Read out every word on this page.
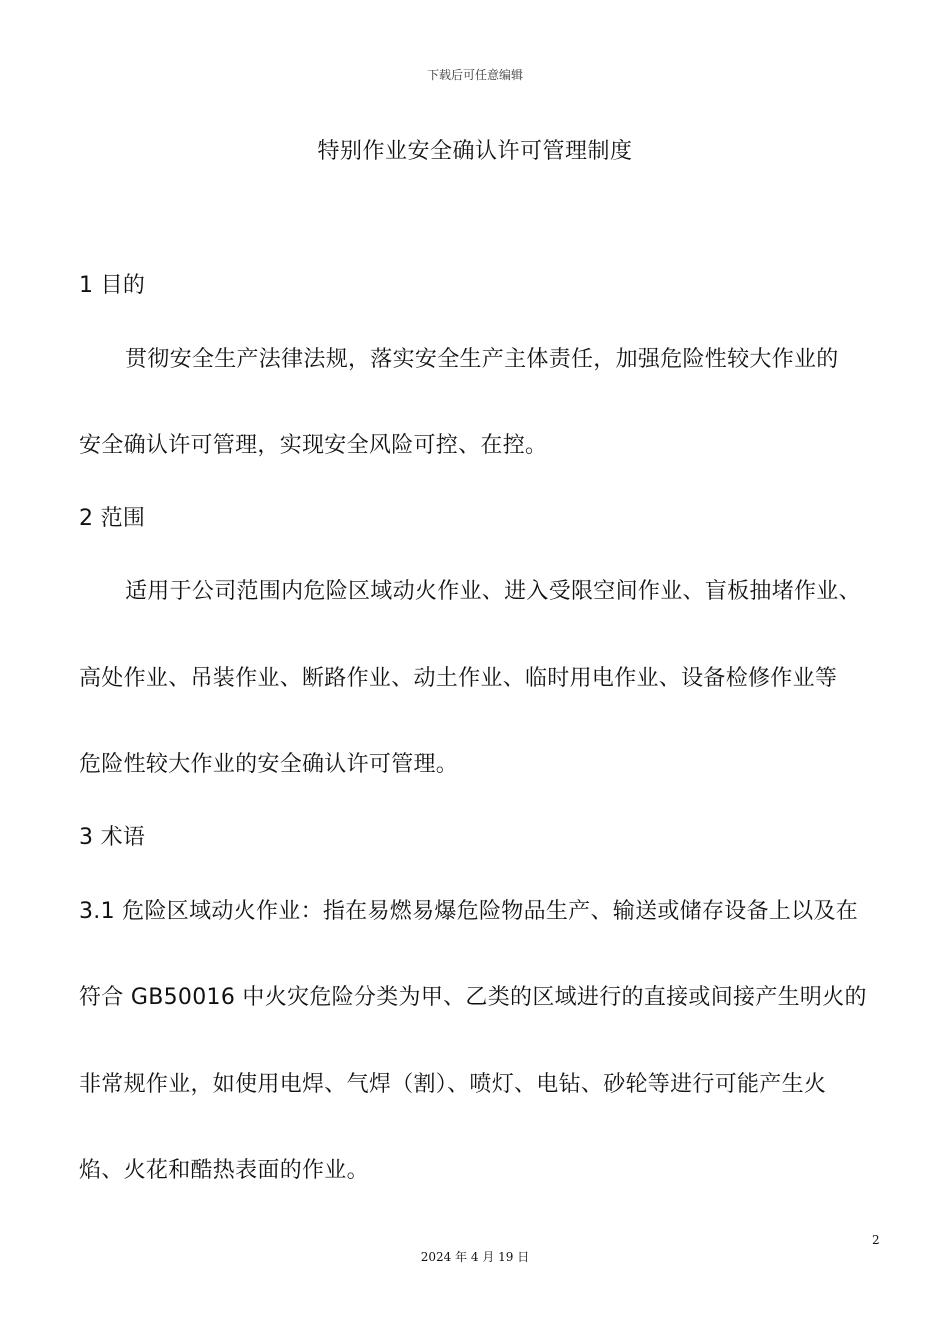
下载后可任意编辑
特别作业安全确认许可管理制度
1 目的
贯彻安全生产法律法规，落实安全生产主体责任，加强危险性较大作业的
安全确认许可管理，实现安全风险可控、在控。
2 范围
适用于公司范围内危险区域动火作业、进入受限空间作业、盲板抽堵作业、
高处作业、吊装作业、断路作业、动土作业、临时用电作业、设备检修作业等
危险性较大作业的安全确认许可管理。
3 术语
3.1 危险区域动火作业：指在易燃易爆危险物品生产、输送或储存设备上以及在
符合 GB50016 中火灾危险分类为甲、乙类的区域进行的直接或间接产生明火的
非常规作业，如使用电焊、气焊（割）、喷灯、电钻、砂轮等进行可能产生火
焰、火花和酷热表面的作业。
2
2024 年 4 月 19 日
